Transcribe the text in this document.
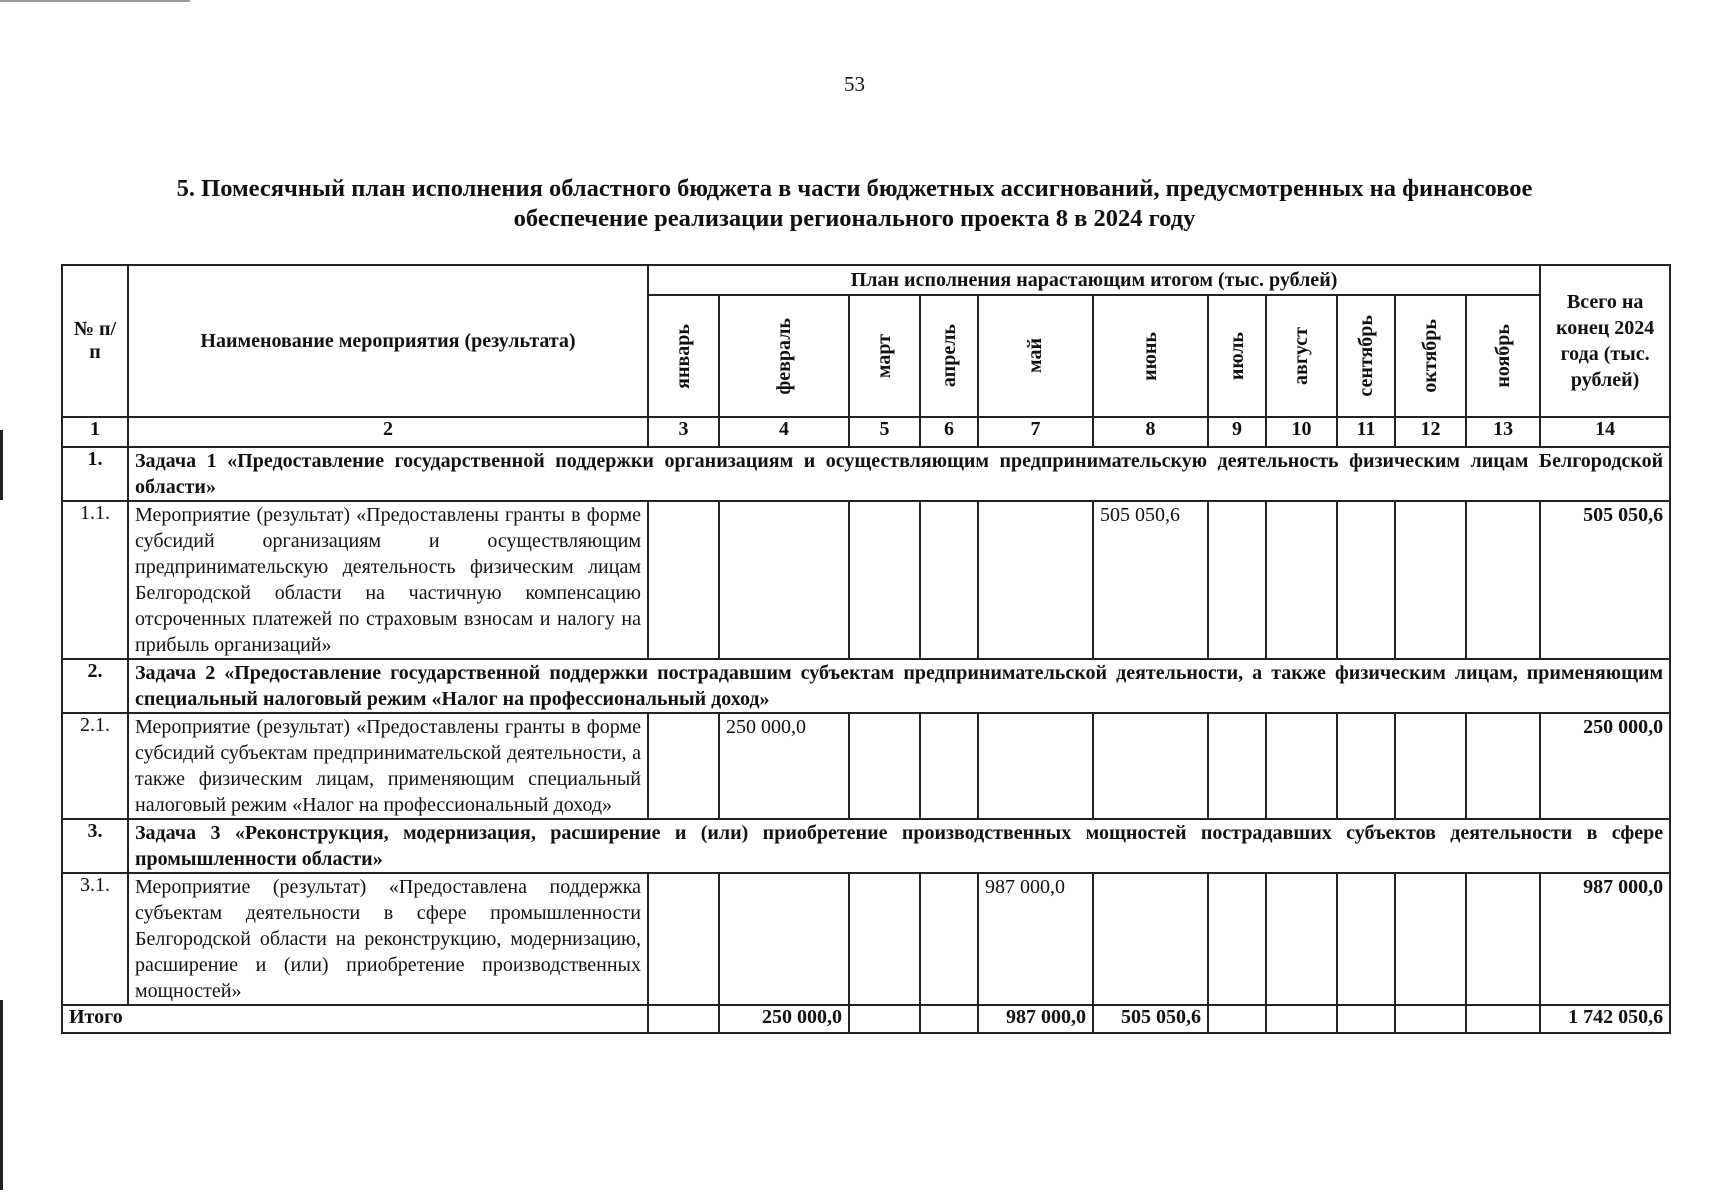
53
5. Помесячный план исполнения областного бюджета в части бюджетных ассигнований, предусмотренных на финансовое
обеспечение реализации регионального проекта 8 в 2024 году
№ п/п	Наименование мероприятия (результата)	План исполнения нарастающим итогом (тыс. рублей)											Всего на конец 2024 года (тыс. рублей)

		январь	февраль	март	апрель	май	июнь	июль	август	сентябрь	октябрь	ноябрь	

1	2	3	4	5	6	7	8	9	10	11	12	13	14
1.	Задача 1 «Предоставление государственной поддержки организациям и осуществляющим предпринимательскую деятельность физическим лицам Белгородской области»												
1.1.	Мероприятие (результат) «Предоставлены гранты в форме субсидий организациям и осуществляющим предпринимательскую деятельность физическим лицам Белгородской области на частичную компенсацию отсроченных платежей по страховым взносам и налогу на прибыль организаций»						505 050,6						505 050,6
2.	Задача 2 «Предоставление государственной поддержки пострадавшим субъектам предпринимательской деятельности, а также физическим лицам, применяющим специальный налоговый режим «Налог на профессиональный доход»												
2.1.	Мероприятие (результат) «Предоставлены гранты в форме субсидий субъектам предпринимательской деятельности, а также физическим лицам, применяющим специальный налоговый режим «Налог на профессиональный доход»		250 000,0										250 000,0
3.	Задача 3 «Реконструкция, модернизация, расширение и (или) приобретение производственных мощностей пострадавших субъектов деятельности в сфере промышленности области»												
3.1.	Мероприятие (результат) «Предоставлена поддержка субъектам деятельности в сфере промышленности Белгородской области на реконструкцию, модернизацию, расширение и (или) приобретение производственных мощностей»					987 000,0							987 000,0
Итого			250 000,0			987 000,0	505 050,6						1 742 050,6
